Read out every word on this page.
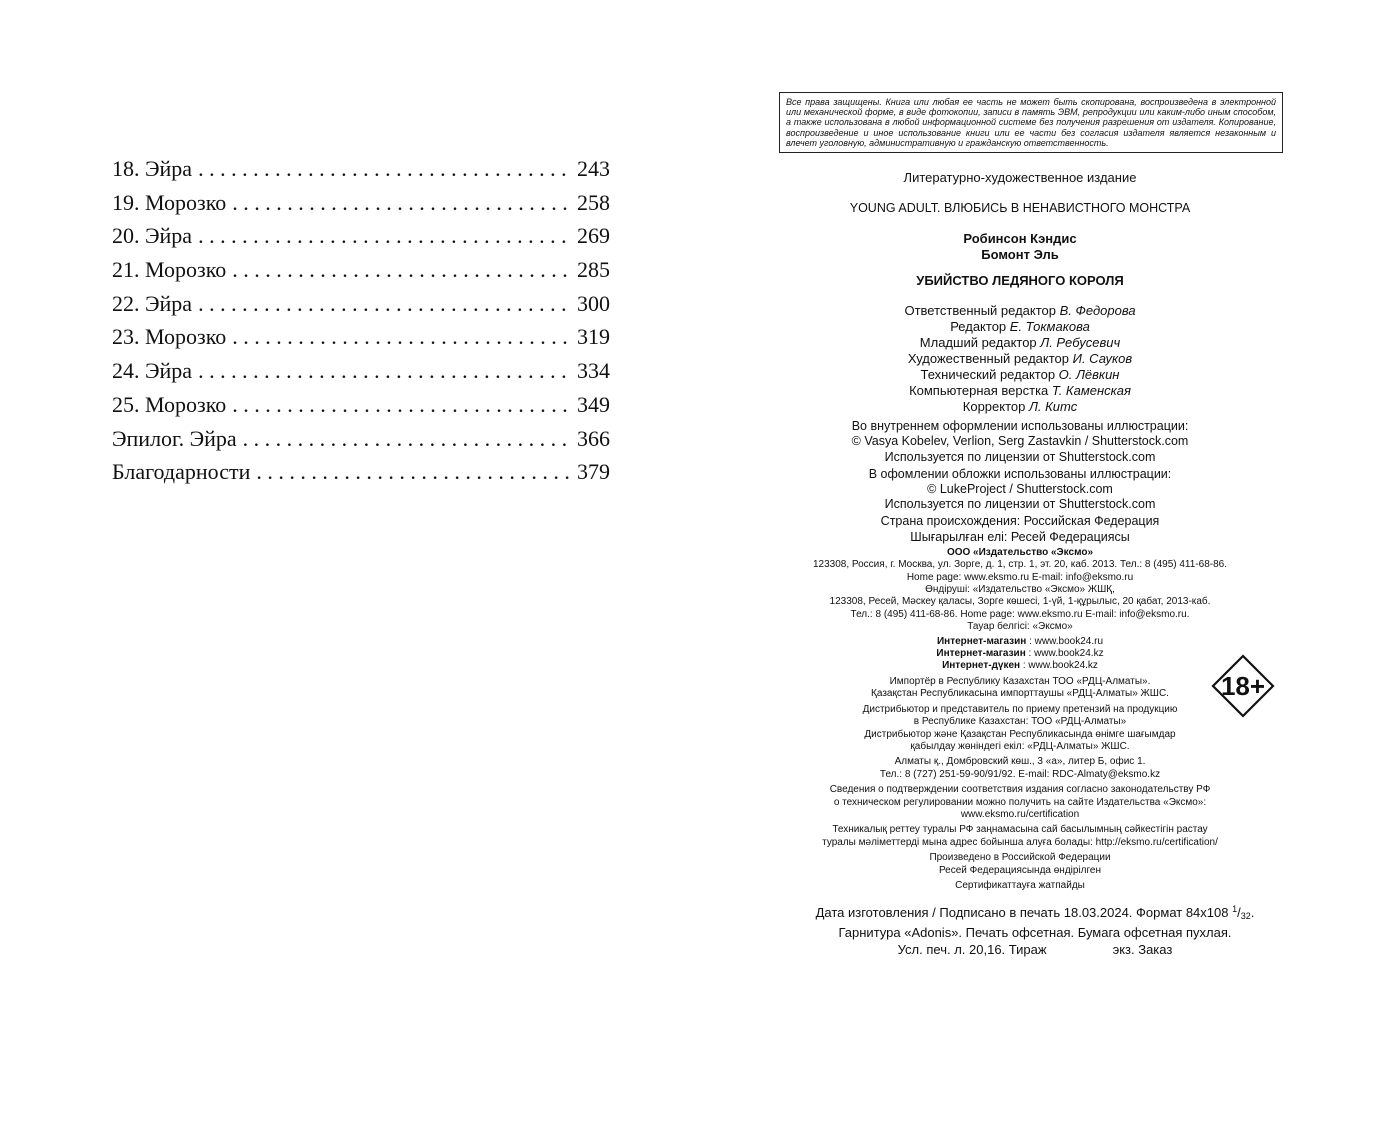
18. Эйра . . .	243
19. Морозко . . .	258
20. Эйра . . .	269
21. Морозко . . .	285
22. Эйра . . .	300
23. Морозко . . .	319
24. Эйра . . .	334
25. Морозко . . .	349
Эпилог. Эйра . . .	366
Благодарности . . .	379
Все права защищены. Книга или любая ее часть не может быть скопирована, воспроизведена в электронной или механической форме, в виде фотокопии, записи в память ЭВМ, репродукции или каким-либо иным способом, а также использована в любой информационной системе без получения разрешения от издателя. Копирование, воспроизведение и иное использование книги или ее части без согласия издателя является незаконным и влечет уголовную, административную и гражданскую ответственность.
Литературно-художественное издание
YOUNG ADULT. ВЛЮБИСЬ В НЕНАВИСТНОГО МОНСТРА
Робинсон Кэндис
Бомонт Эль
УБИЙСТВО ЛЕДЯНОГО КОРОЛЯ
Ответственный редактор В. Федорова
Редактор Е. Токмакова
Младший редактор Л. Ребусевич
Художественный редактор И. Сауков
Технический редактор О. Лёвкин
Компьютерная верстка Т. Каменская
Корректор Л. Китс
Во внутреннем оформлении использованы иллюстрации:
© Vasya Kobelev, Verlion, Serg Zastavkin / Shutterstock.com
Используется по лицензии от Shutterstock.com
В офомлении обложки использованы иллюстрации:
© LukeProject / Shutterstock.com
Используется по лицензии от Shutterstock.com
Страна происхождения: Российская Федерация
Шығарылған елі: Ресей Федерациясы
ООО «Издательство «Эксмо»
123308, Россия, г. Москва, ул. Зорге, д. 1, стр. 1, эт. 20, каб. 2013. Тел.: 8 (495) 411-68-86.
Home page: www.eksmo.ru E-mail: info@eksmo.ru
Өндіруші: «Издательство «Эксмо» ЖШҚ,
123308, Ресей, Мәскеу қаласы, Зорге көшесі, 1-үй, 1-құрылыс, 20 қабат, 2013-каб.
Тел.: 8 (495) 411-68-86. Home page: www.eksmo.ru E-mail: info@eksmo.ru.
Тауар белгісі: «Эксмо»
Интернет-магазин : www.book24.ru
Интернет-магазин : www.book24.kz
Интернет-дүкен : www.book24.kz
Импортёр в Республику Казахстан ТОО «РДЦ-Алматы».
Қазақстан Республикасына импорттаушы «РДЦ-Алматы» ЖШС.
Дистрибьютор и представитель по приему претензий на продукцию
в Республике Казахстан: ТОО «РДЦ-Алматы»
Дистрибьютор және Қазақстан Республикасында өнімге шағымдар
қабылдау жөніндегі екіл: «РДЦ-Алматы» ЖШС.
Алматы қ., Домбровский көш., 3 «а», литер Б, офис 1.
Тел.: 8 (727) 251-59-90/91/92. E-mail: RDC-Almaty@eksmo.kz
Сведения о подтверждении соответствия издания согласно законодательству РФ
о техническом регулировании можно получить на сайте Издательства «Эксмо»:
www.eksmo.ru/certification
Техникалық реттеу туралы РФ заңнамасына сай басылымның сәйкестігін растау
туралы мәліметтерді мына адрес бойынша алуға болады: http://eksmo.ru/certification/
Произведено в Российской Федерации
Ресей Федерациясында өндірілген
Сертификаттауға жатпайды
18+
Дата изготовления / Подписано в печать 18.03.2024. Формат 84x108 $^1$/32.
Гарнитура «Adonis». Печать офсетная. Бумага офсетная пухлая.
Усл. печ. л. 20,16. Тираж	экз. Заказ
